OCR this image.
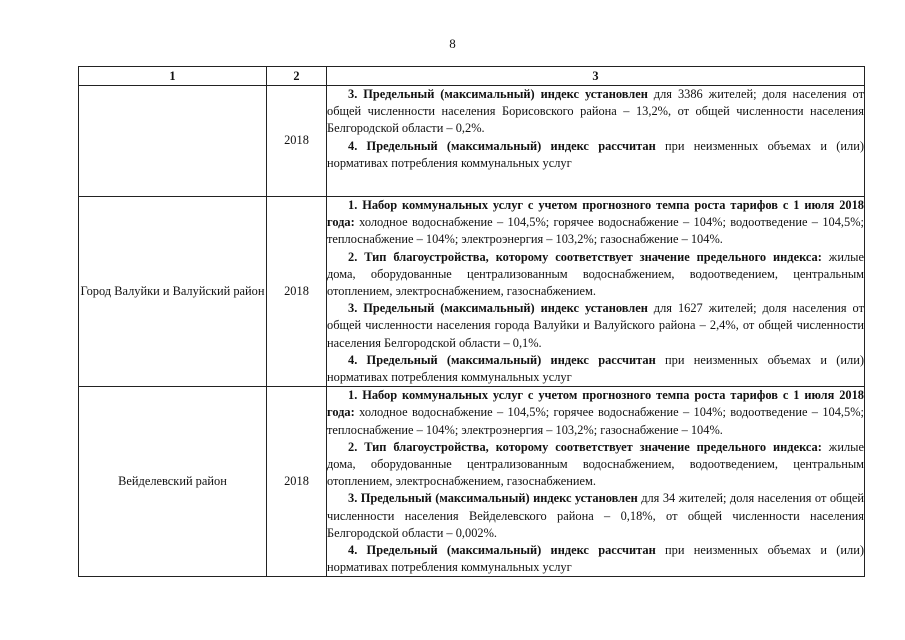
8
1	2	3
	2018	3. Предельный (максимальный) индекс установлен для 3386 жителей; доля населения от общей численности населения Борисовского района – 13,2%, от общей численности населения Белгородской области – 0,2%.

4. Предельный (максимальный) индекс рассчитан при неизменных объемах и (или) нормативах потребления коммунальных услуг

Город Валуйки и Валуйский район	2018	1. Набор коммунальных услуг с учетом прогнозного темпа роста тарифов с 1 июля 2018 года: холодное водоснабжение – 104,5%; горячее водоснабжение – 104%; водоотведение – 104,5%; теплоснабжение – 104%; электроэнергия – 103,2%; газоснабжение – 104%.

2. Тип благоустройства, которому соответствует значение предельного индекса: жилые дома, оборудованные централизованным водоснабжением, водоотведением, центральным отоплением, электроснабжением, газоснабжением.

3. Предельный (максимальный) индекс установлен для 1627 жителей; доля населения от общей численности населения города Валуйки и Валуйского района – 2,4%, от общей численности населения Белгородской области – 0,1%.

4. Предельный (максимальный) индекс рассчитан при неизменных объемах и (или) нормативах потребления коммунальных услуг

Вейделевский район	2018	1. Набор коммунальных услуг с учетом прогнозного темпа роста тарифов с 1 июля 2018 года: холодное водоснабжение – 104,5%; горячее водоснабжение – 104%; водоотведение – 104,5%; теплоснабжение – 104%; электроэнергия – 103,2%; газоснабжение – 104%.

2. Тип благоустройства, которому соответствует значение предельного индекса: жилые дома, оборудованные централизованным водоснабжением, водоотведением, центральным отоплением, электроснабжением, газоснабжением.

3. Предельный (максимальный) индекс установлен для 34 жителей; доля населения от общей численности населения Вейделевского района – 0,18%, от общей численности населения Белгородской области – 0,002%.

4. Предельный (максимальный) индекс рассчитан при неизменных объемах и (или) нормативах потребления коммунальных услуг
